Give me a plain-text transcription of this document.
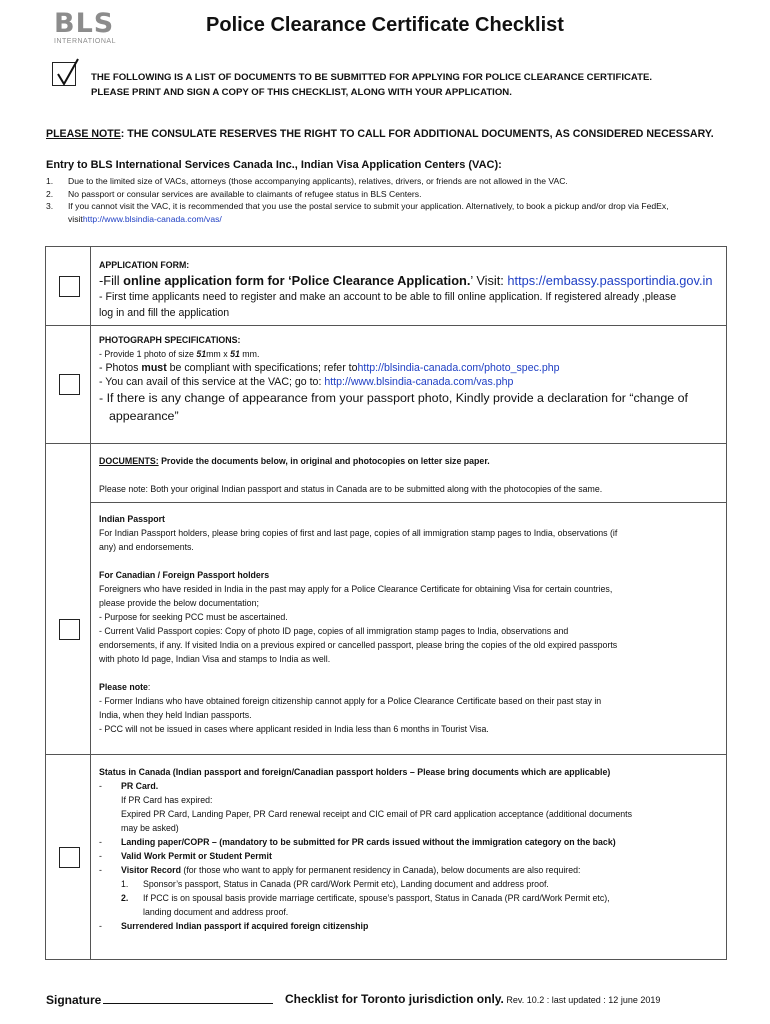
BLS
INTERNATIONAL
Police Clearance Certificate Checklist
THE FOLLOWING IS A LIST OF DOCUMENTS TO BE SUBMITTED FOR APPLYING FOR POLICE CLEARANCE CERTIFICATE.
PLEASE PRINT AND SIGN A COPY OF THIS CHECKLIST, ALONG WITH YOUR APPLICATION.
PLEASE NOTE: THE CONSULATE RESERVES THE RIGHT TO CALL FOR ADDITIONAL DOCUMENTS, AS CONSIDERED NECESSARY.
Entry to BLS International Services Canada Inc., Indian Visa Application Centers (VAC):
1.	Due to the limited size of VACs, attorneys (those accompanying applicants), relatives, drivers, or friends are not allowed in the VAC.
2.	No passport or consular services are available to claimants of refugee status in BLS Centers.
3.	If you cannot visit the VAC, it is recommended that you use the postal service to submit your application. Alternatively, to book a pickup and/or drop via FedEx,
visit http://www.blsindia-canada.com/vas/
APPLICATION FORM:
-Fill online application form for ‘Police Clearance Application.’ Visit: https://embassy.passportindia.gov.in
- First time applicants need to register and make an account to be able to fill online application. If registered already ,please
log in and fill the application
PHOTOGRAPH SPECIFICATIONS:
- Provide 1 photo of size 51mm x 51 mm.
- Photos must be compliant with specifications; refer tohttp://blsindia-canada.com/photo_spec.php
- You can avail of this service at the VAC; go to: http://www.blsindia-canada.com/vas.php
- If there is any change of appearance from your passport photo, Kindly provide a declaration for “change of
appearance”
DOCUMENTS: Provide the documents below, in original and photocopies on letter size paper.
Please note: Both your original Indian passport and status in Canada are to be submitted along with the photocopies of the same.
Indian Passport
For Indian Passport holders, please bring copies of first and last page, copies of all immigration stamp pages to India, observations (if
any) and endorsements.
For Canadian / Foreign Passport holders
Foreigners who have resided in India in the past may apply for a Police Clearance Certificate for obtaining Visa for certain countries,
please provide the below documentation;
- Purpose for seeking PCC must be ascertained.
- Current Valid Passport copies: Copy of photo ID page, copies of all immigration stamp pages to India, observations and
endorsements, if any. If visited India on a previous expired or cancelled passport, please bring the copies of the old expired passports
with photo Id page, Indian Visa and stamps to India as well.
Please note:
- Former Indians who have obtained foreign citizenship cannot apply for a Police Clearance Certificate based on their past stay in
India, when they held Indian passports.
- PCC will not be issued in cases where applicant resided in India less than 6 months in Tourist Visa.
Status in Canada (Indian passport and foreign/Canadian passport holders – Please bring documents which are applicable)
-	PR Card.
If PR Card has expired:
Expired PR Card, Landing Paper, PR Card renewal receipt and CIC email of PR card application acceptance (additional documents
may be asked)
-	Landing paper/COPR – (mandatory to be submitted for PR cards issued without the immigration category on the back)
-	Valid Work Permit or Student Permit
-	Visitor Record (for those who want to apply for permanent residency in Canada), below documents are also required:
1.	Sponsor’s passport, Status in Canada (PR card/Work Permit etc), Landing document and address proof.
2.	If PCC is on spousal basis provide marriage certificate, spouse’s passport, Status in Canada (PR card/Work Permit etc),
landing document and address proof.
-	Surrendered Indian passport if acquired foreign citizenship
Signature	Checklist for Toronto jurisdiction only. Rev. 10.2 : last updated : 12 june 2019
